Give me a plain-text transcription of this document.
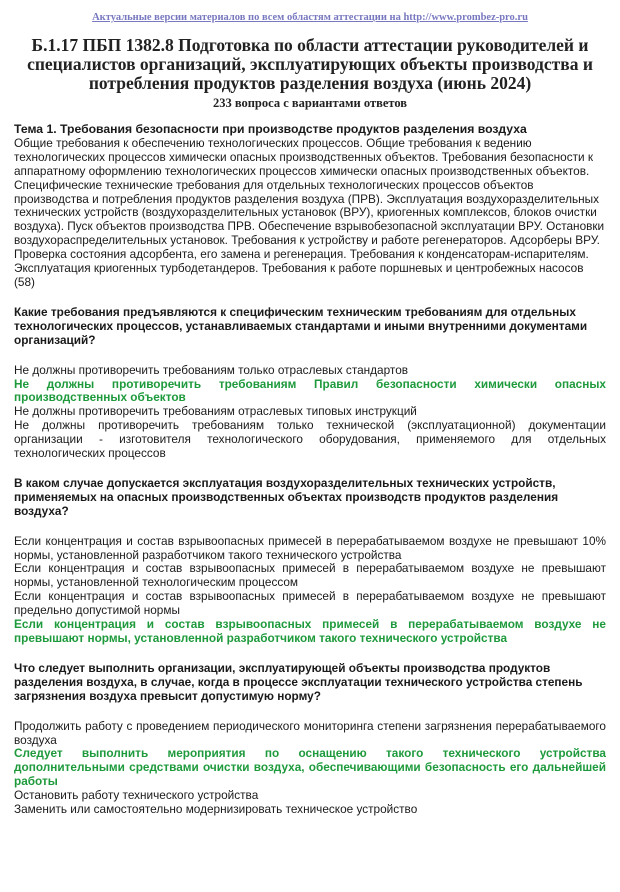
Актуальные версии материалов по всем областям аттестации на http://www.prombez-pro.ru
Б.1.17 ПБП 1382.8 Подготовка по области аттестации руководителей и специалистов организаций, эксплуатирующих объекты производства и потребления продуктов разделения воздуха (июнь 2024)
233 вопроса с вариантами ответов
Тема 1. Требования безопасности при производстве продуктов разделения воздуха
Общие требования к обеспечению технологических процессов. Общие требования к ведению технологических процессов химически опасных производственных объектов. Требования безопасности к аппаратному оформлению технологических процессов химически опасных производственных объектов. Специфические технические требования для отдельных технологических процессов объектов производства и потребления продуктов разделения воздуха (ПРВ). Эксплуатация воздухоразделительных технических устройств (воздухоразделительных установок (ВРУ), криогенных комплексов, блоков очистки воздуха). Пуск объектов производства ПРВ. Обеспечение взрывобезопасной эксплуатации ВРУ. Остановки воздухораспределительных установок. Требования к устройству и работе регенераторов. Адсорберы ВРУ. Проверка состояния адсорбента, его замена и регенерация. Требования к конденсаторам-испарителям. Эксплуатация криогенных турбодетандеров. Требования к работе поршневых и центробежных насосов (58)
Какие требования предъявляются к специфическим техническим требованиям для отдельных технологических процессов, устанавливаемых стандартами и иными внутренними документами организаций?
Не должны противоречить требованиям только отраслевых стандартов
Не должны противоречить требованиям Правил безопасности химически опасных производственных объектов
Не должны противоречить требованиям отраслевых типовых инструкций
Не должны противоречить требованиям только технической (эксплуатационной) документации организации - изготовителя технологического оборудования, применяемого для отдельных технологических процессов
В каком случае допускается эксплуатация воздухоразделительных технических устройств, применяемых на опасных производственных объектах производств продуктов разделения воздуха?
Если концентрация и состав взрывоопасных примесей в перерабатываемом воздухе не превышают 10% нормы, установленной разработчиком такого технического устройства
Если концентрация и состав взрывоопасных примесей в перерабатываемом воздухе не превышают нормы, установленной технологическим процессом
Если концентрация и состав взрывоопасных примесей в перерабатываемом воздухе не превышают предельно допустимой нормы
Если концентрация и состав взрывоопасных примесей в перерабатываемом воздухе не превышают нормы, установленной разработчиком такого технического устройства
Что следует выполнить организации, эксплуатирующей объекты производства продуктов разделения воздуха, в случае, когда в процессе эксплуатации технического устройства степень загрязнения воздуха превысит допустимую норму?
Продолжить работу с проведением периодического мониторинга степени загрязнения перерабатываемого воздуха
Следует выполнить мероприятия по оснащению такого технического устройства дополнительными средствами очистки воздуха, обеспечивающими безопасность его дальнейшей работы
Остановить работу технического устройства
Заменить или самостоятельно модернизировать техническое устройство
